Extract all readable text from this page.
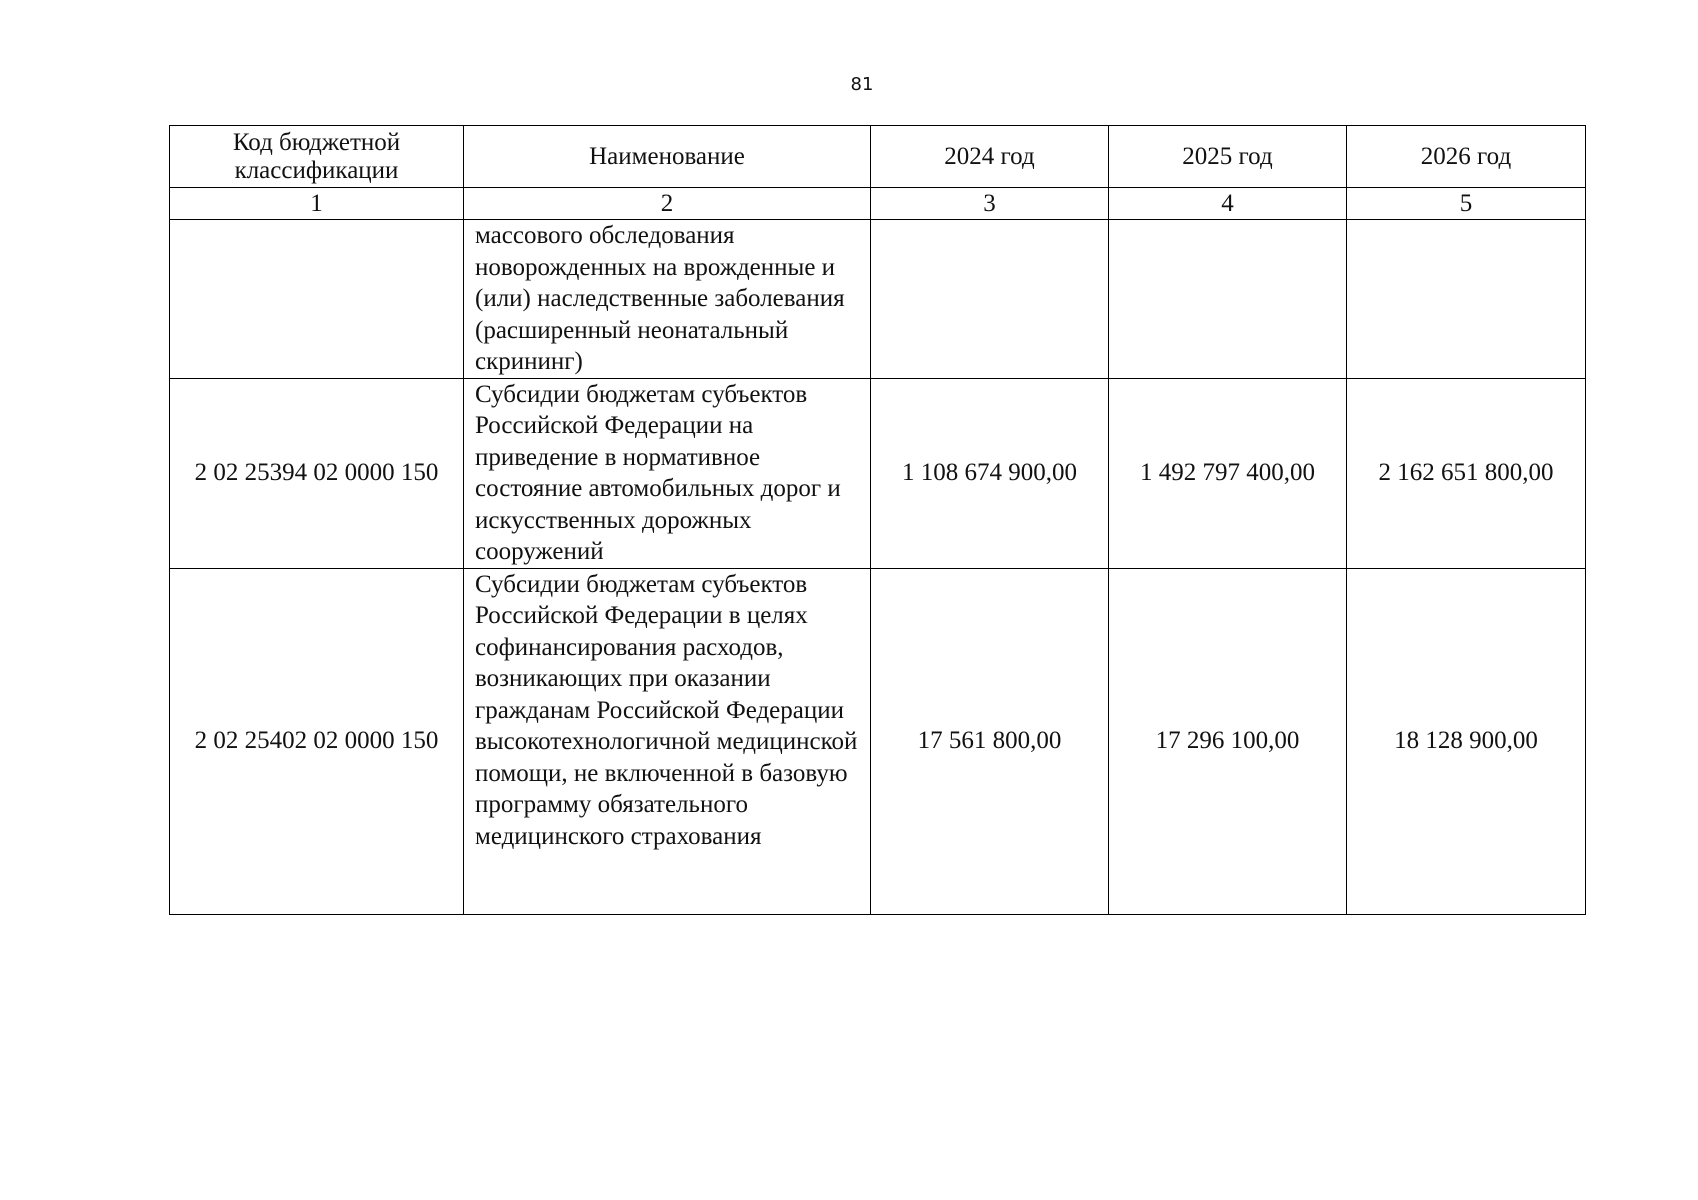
81
Код бюджетной классификации	Наименование	2024 год	2025 год	2026 год
1	2	3	4	5
	массового обследования новорожденных на врожденные и (или) наследственные заболевания (расширенный неонатальный скрининг)			
2 02 25394 02 0000 150	Субсидии бюджетам субъектов Российской Федерации на приведение в нормативное состояние автомобильных дорог и искусственных дорожных сооружений	1 108 674 900,00	1 492 797 400,00	2 162 651 800,00
2 02 25402 02 0000 150	Субсидии бюджетам субъектов Российской Федерации в целях софинансирования расходов, возникающих при оказании гражданам Российской Федерации высокотехнологичной медицинской помощи, не включенной в базовую программу обязательного медицинского страхования	17 561 800,00	17 296 100,00	18 128 900,00
